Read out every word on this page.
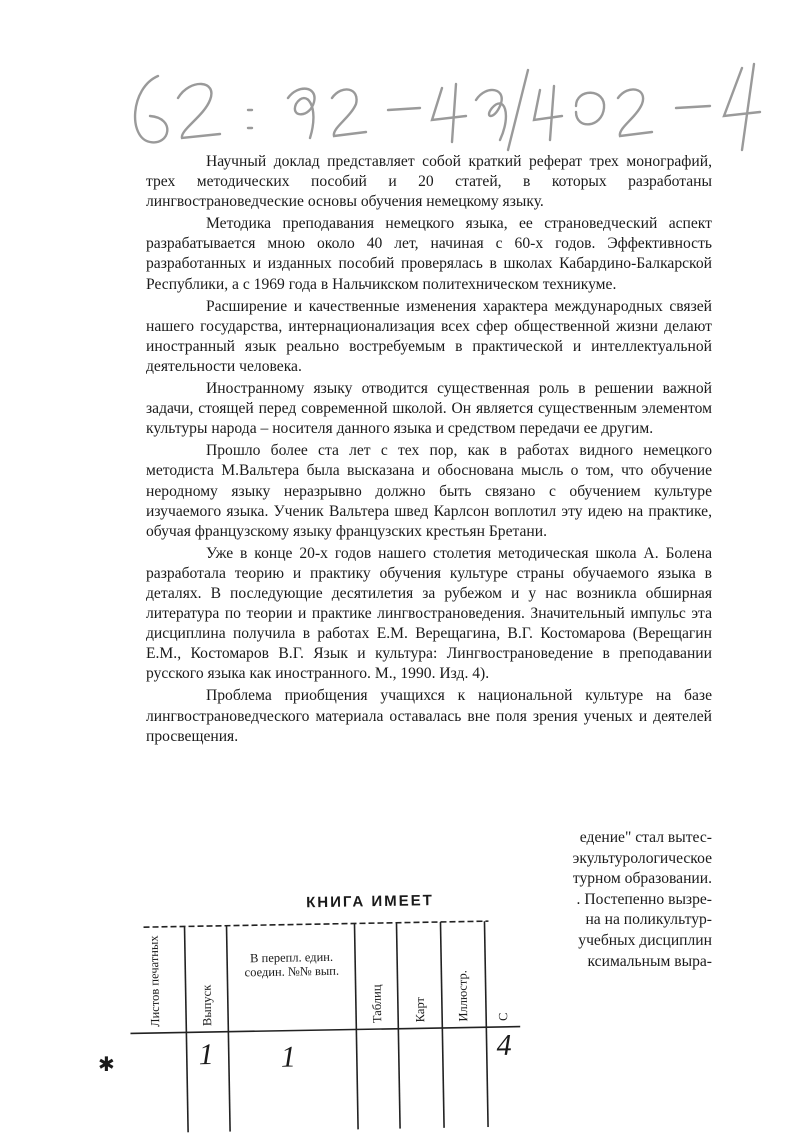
62 : 9? - 49/ 402 - 4

Научный доклад представляет собой краткий реферат трех монографий, трех методических пособий и 20 статей, в которых разработаны лингвострановедческие основы обучения немецкому языку.

Методика преподавания немецкого языка, ее страноведческий аспект разрабатывается мною около 40 лет, начиная с 60-х годов. Эффективность разработанных и изданных пособий проверялась в школах Кабардино-Балкарской Республики, а с 1969 года в Нальчикском политехническом техникуме.

Расширение и качественные изменения характера международных связей нашего государства, интернационализация всех сфер общественной жизни делают иностранный язык реально востребуемым в практической и интеллектуальной деятельности человека.

Иностранному языку отводится существенная роль в решении важной задачи, стоящей перед современной школой. Он является существенным элементом культуры народа – носителя данного языка и средством передачи ее другим.

Прошло более ста лет с тех пор, как в работах видного немецкого методиста М.Вальтера была высказана и обоснована мысль о том, что обучение неродному языку неразрывно должно быть связано с обучением культуре изучаемого языка. Ученик Вальтера швед Карлсон воплотил эту идею на практике, обучая французскому языку французских крестьян Бретани.

Уже в конце 20-х годов нашего столетия методическая школа А. Болена разработала теорию и практику обучения культуре страны обучаемого языка в деталях. В последующие десятилетия за рубежом и у нас возникла обширная литература по теории и практике лингвострановедения. Значительный импульс эта дисциплина получила в работах Е.М. Верещагина, В.Г. Костомарова (Верещагин Е.М., Костомаров В.Г. Язык и культура: Лингвострановедение в преподавании русского языка как иностранного. М., 1990. Изд. 4).

Проблема приобщения учащихся к национальной культуре на базе лингвострановедческого материала оставалась вне поля зрения ученых и деятелей просвещения.

едение" стал вытес-
экультурологическое
турном образовании.
. Постепенно вызре-
на на поликультур-
учебных дисциплин
ксимальным выра-
КНИГА ИМЕЕТ
Листов печатных	Выпуск
В перепл. един. соедин. №№ вып.
Таблиц Карт Иллюстр. С
1 1	4
✱
